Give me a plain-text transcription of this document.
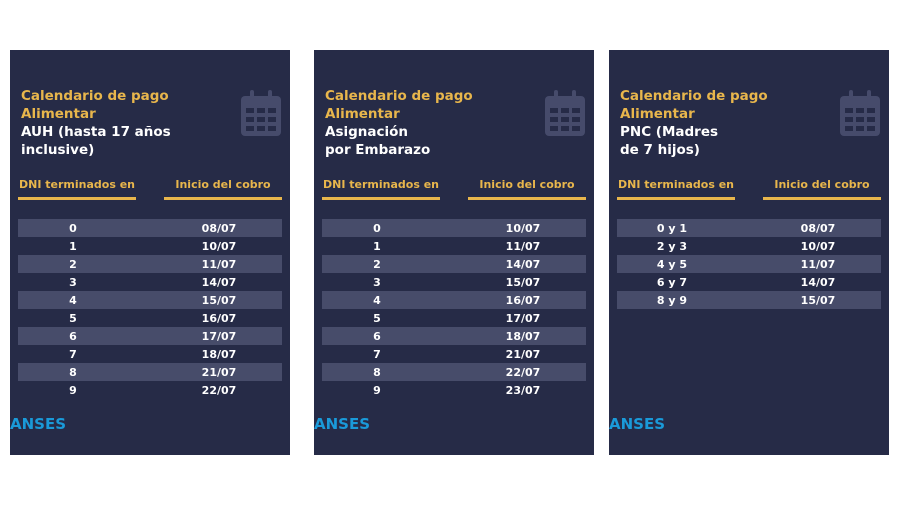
Calendario de pago
Alimentar
AUH (hasta 17 años
inclusive)
DNI terminados en	Inicio del cobro
0	08/07
1	10/07
2	11/07
3	14/07
4	15/07
5	16/07
6	17/07
7	18/07
8	21/07
9	22/07
ANSES
Calendario de pago
Alimentar
Asignación
por Embarazo
DNI terminados en	Inicio del cobro
0	10/07
1	11/07
2	14/07
3	15/07
4	16/07
5	17/07
6	18/07
7	21/07
8	22/07
9	23/07
ANSES
Calendario de pago
Alimentar
PNC (Madres
de 7 hijos)
DNI terminados en	Inicio del cobro
0 y 1	08/07
2 y 3	10/07
4 y 5	11/07
6 y 7	14/07
8 y 9	15/07
ANSES
